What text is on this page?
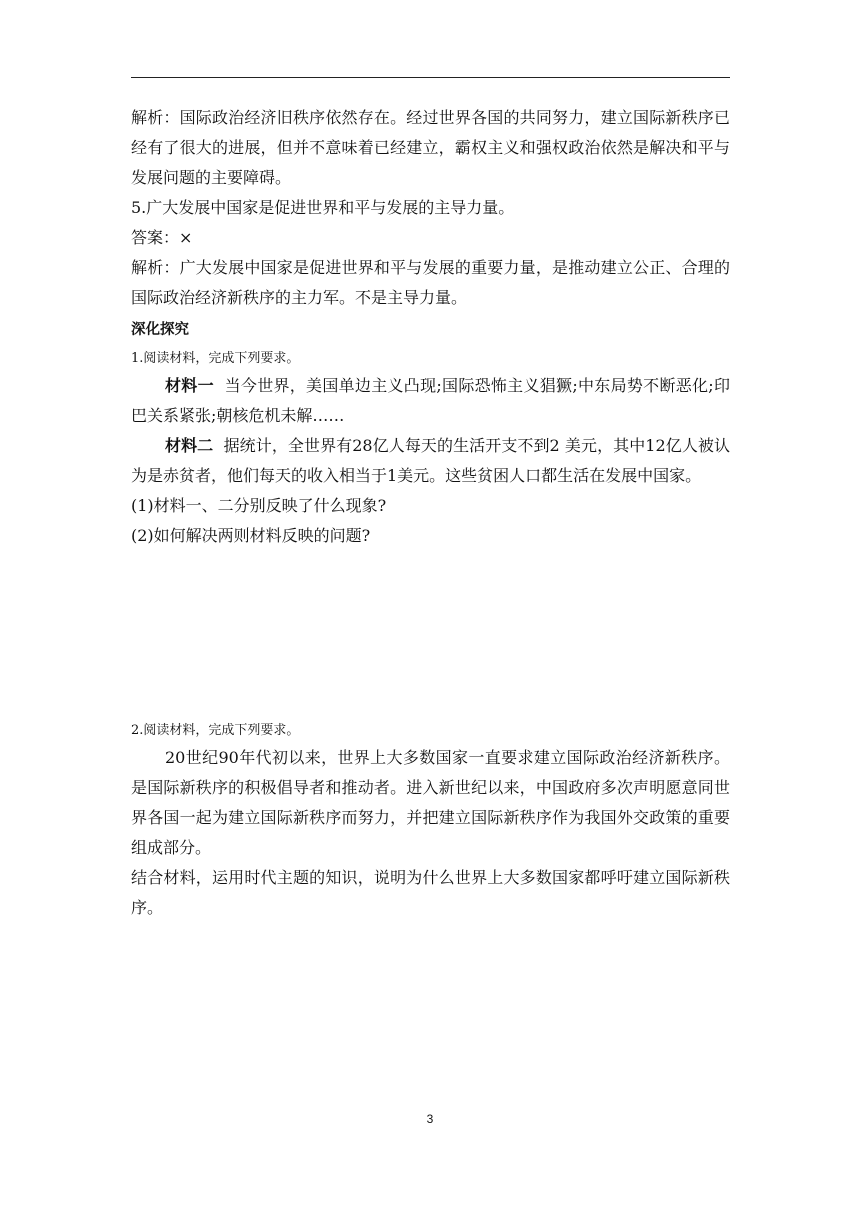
解析：国际政治经济旧秩序依然存在。经过世界各国的共同努力，建立国际新秩序已经有了很大的进展，但并不意味着已经建立，霸权主义和强权政治依然是解决和平与发展问题的主要障碍。

5.广大发展中国家是促进世界和平与发展的主导力量。

答案：×

解析：广大发展中国家是促进世界和平与发展的重要力量，是推动建立公正、合理的国际政治经济新秩序的主力军。不是主导力量。

深化探究

1.阅读材料，完成下列要求。

材料一 当今世界，美国单边主义凸现;国际恐怖主义猖獗;中东局势不断恶化;印巴关系紧张;朝核危机未解……

材料二 据统计，全世界有28亿人每天的生活开支不到2 美元，其中12亿人被认为是赤贫者，他们每天的收入相当于1美元。这些贫困人口都生活在发展中国家。

(1)材料一、二分别反映了什么现象?

(2)如何解决两则材料反映的问题?

2.阅读材料，完成下列要求。

20世纪90年代初以来，世界上大多数国家一直要求建立国际政治经济新秩序。是国际新秩序的积极倡导者和推动者。进入新世纪以来，中国政府多次声明愿意同世界各国一起为建立国际新秩序而努力，并把建立国际新秩序作为我国外交政策的重要组成部分。

结合材料，运用时代主题的知识，说明为什么世界上大多数国家都呼吁建立国际新秩序。

3
